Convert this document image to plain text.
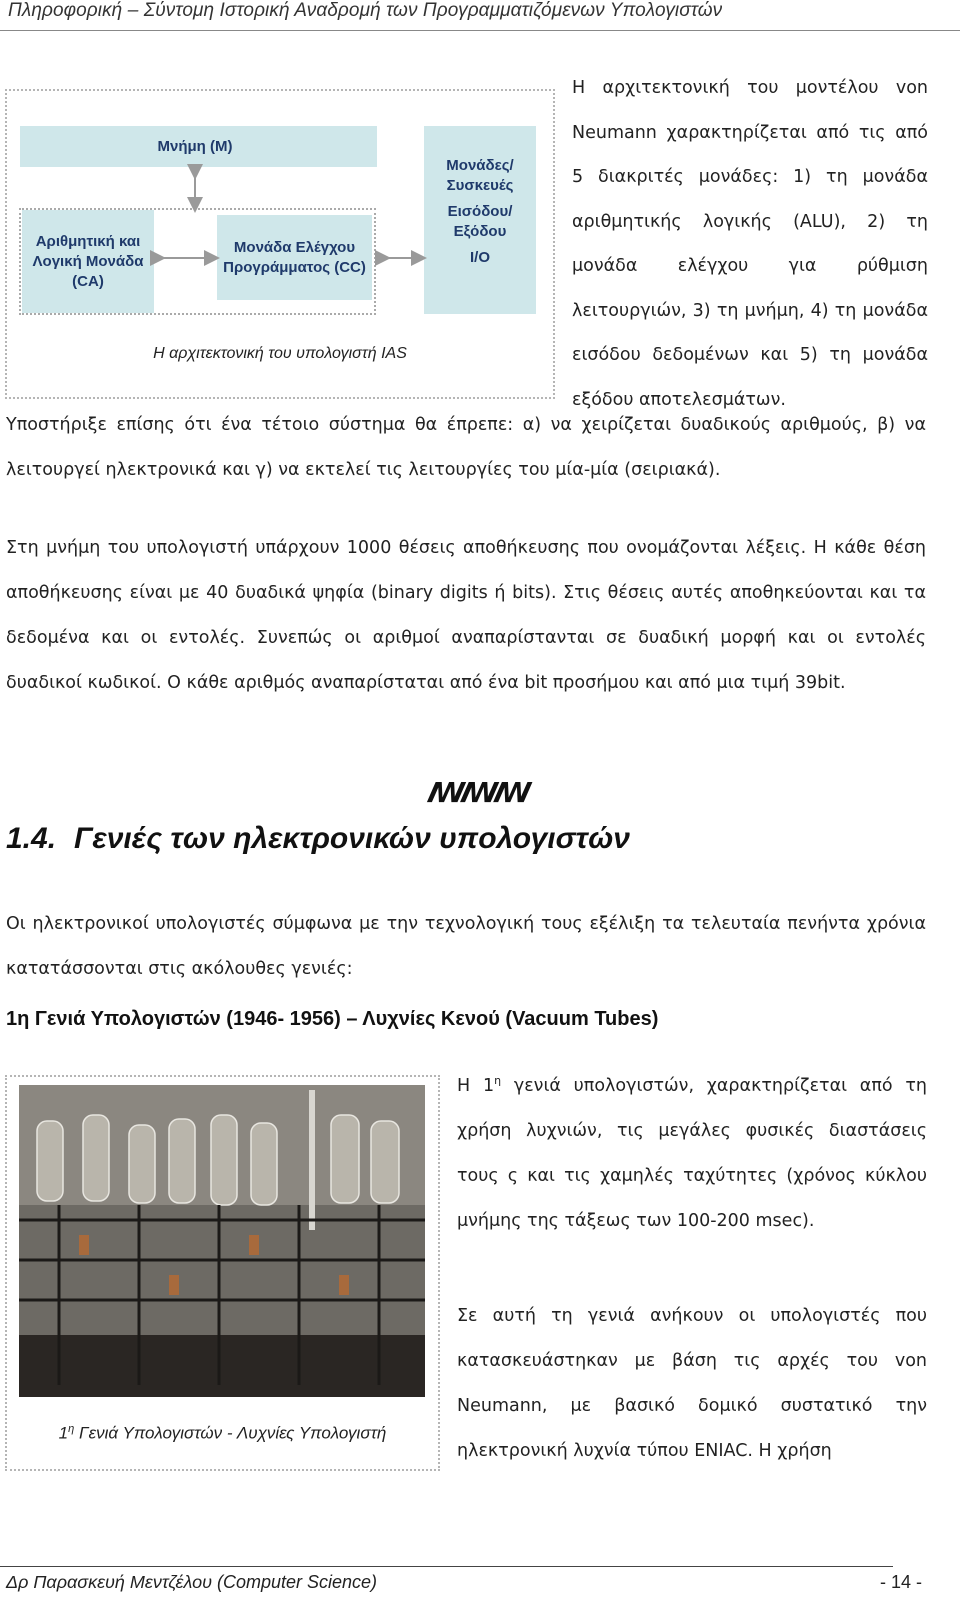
Πληροφορική – Σύντομη Ιστορική Αναδρομή των Προγραμματιζόμενων Υπολογιστών
Μνήμη (M)
Αριθμητική και Λογική Μονάδα (CA)
Μονάδα Ελέγχου Προγράμματος (CC)
Μονάδες/ Συσκευές
Εισόδου/ Εξόδου
I/O
Η αρχιτεκτονική του υπολογιστή IAS
Η αρχιτεκτονική του μοντέλου von Neumann χαρακτηρίζεται από τις από 5 διακριτές μονάδες: 1) τη μονάδα αριθμητικής λογικής (ALU), 2) τη μονάδα ελέγχου για ρύθμιση λειτουργιών, 3) τη μνήμη, 4) τη μονάδα εισόδου δεδομένων και 5) τη μονάδα εξόδου αποτελεσμάτων.
Υποστήριξε επίσης ότι ένα τέτοιο σύστημα θα έπρεπε: α) να χειρίζεται δυαδικούς αριθμούς, β) να λειτουργεί ηλεκτρονικά και γ) να εκτελεί τις λειτουργίες του μία-μία (σειριακά).
Στη μνήμη του υπολογιστή υπάρχουν 1000 θέσεις αποθήκευσης που ονομάζονται λέξεις. Η κάθε θέση αποθήκευσης είναι με 40 δυαδικά ψηφία (binary digits ή bits). Στις θέσεις αυτές αποθηκεύονται και τα δεδομένα και οι εντολές. Συνεπώς οι αριθμοί αναπαρίστανται σε δυαδική μορφή και οι εντολές δυαδικοί κωδικοί. Ο κάθε αριθμός αναπαρίσταται από ένα bit προσήμου και από μια τιμή 39bit.
ꟿꟿꟿ
1.4. Γενιές των ηλεκτρονικών υπολογιστών
Οι ηλεκτρονικοί υπολογιστές σύμφωνα με την τεχνολογική τους εξέλιξη τα τελευταία πενήντα χρόνια κατατάσσονται στις ακόλουθες γενιές:
1η Γενιά Υπολογιστών (1946- 1956) – Λυχνίες Κενού (Vacuum Tubes)
$1^\eta$ Γενιά Υπολογιστών - Λυχνίες Υπολογιστή
Η $1^\eta$ γενιά υπολογιστών, χαρακτηρίζεται από τη χρήση λυχνιών, τις μεγάλες φυσικές διαστάσεις τους ς και τις χαμηλές ταχύτητες (χρόνος κύκλου μνήμης της τάξεως των 100-200 msec).
Σε αυτή τη γενιά ανήκουν οι υπολογιστές που κατασκευάστηκαν με βάση τις αρχές του von Neumann, με βασικό δομικό συστατικό την ηλεκτρονική λυχνία τύπου ENIAC. Η χρήση
Δρ Παρασκευή Μεντζέλου (Computer Science)	- 14 -
